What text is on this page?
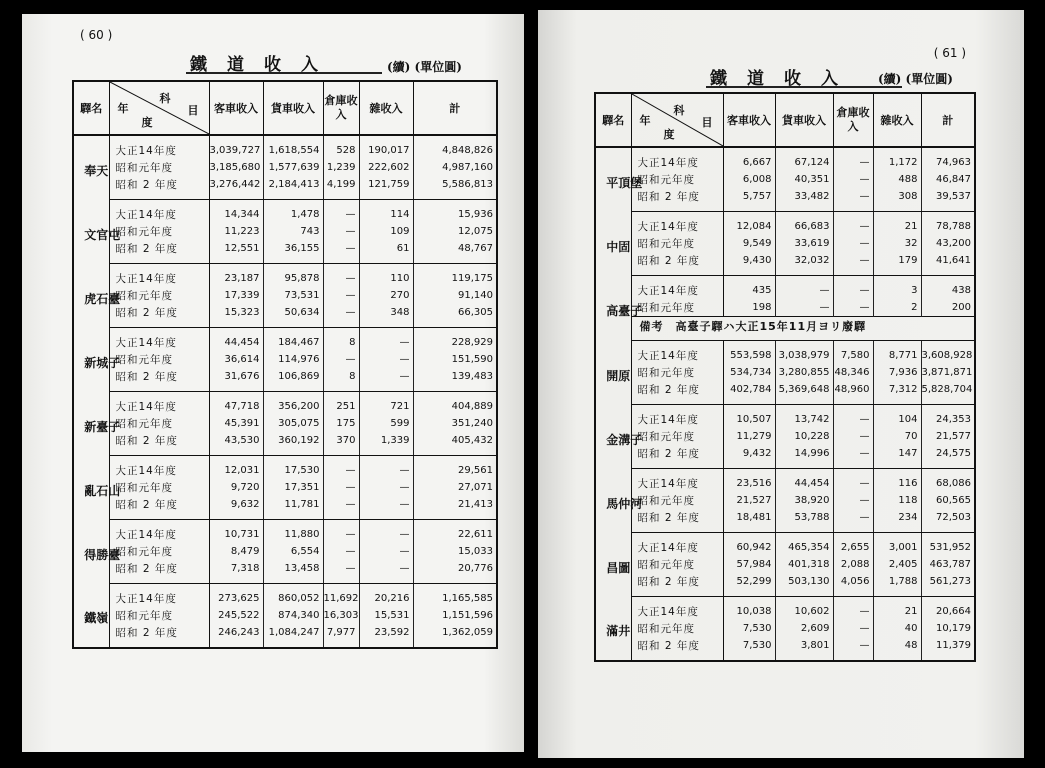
( 60 )
鐵道收入	(續) (單位圓)
驛名	科
目
年
度	客車收入	貨車收入	倉庫收入	雜收入	計
奉天	大正14年度	3,039,727	1,618,554	528	190,017	4,848,826
	昭和元年度	3,185,680	1,577,639	1,239	222,602	4,987,160
	昭和 2 年度	3,276,442	2,184,413	4,199	121,759	5,586,813
文官屯	大正14年度	14,344	1,478	—	114	15,936
	昭和元年度	11,223	743	—	109	12,075
	昭和 2 年度	12,551	36,155	—	61	48,767
虎石臺	大正14年度	23,187	95,878	—	110	119,175
	昭和元年度	17,339	73,531	—	270	91,140
	昭和 2 年度	15,323	50,634	—	348	66,305
新城子	大正14年度	44,454	184,467	8	—	228,929
	昭和元年度	36,614	114,976	—	—	151,590
	昭和 2 年度	31,676	106,869	8	—	139,483
新臺子	大正14年度	47,718	356,200	251	721	404,889
	昭和元年度	45,391	305,075	175	599	351,240
	昭和 2 年度	43,530	360,192	370	1,339	405,432
亂石山	大正14年度	12,031	17,530	—	—	29,561
	昭和元年度	9,720	17,351	—	—	27,071
	昭和 2 年度	9,632	11,781	—	—	21,413
得勝臺	大正14年度	10,731	11,880	—	—	22,611
	昭和元年度	8,479	6,554	—	—	15,033
	昭和 2 年度	7,318	13,458	—	—	20,776
鐵嶺	大正14年度	273,625	860,052	11,692	20,216	1,165,585
	昭和元年度	245,522	874,340	16,303	15,531	1,151,596
	昭和 2 年度	246,243	1,084,247	7,977	23,592	1,362,059
( 61 )
鐵道收入 (續) (單位圓)
驛名	科
目
年
度	客車收入	貨車收入	倉庫收入	雜收入	計
平頂堡	大正14年度	6,667	67,124	—	1,172	74,963
	昭和元年度	6,008	40,351	—	488	46,847
	昭和 2 年度	5,757	33,482	—	308	39,537
中固	大正14年度	12,084	66,683	—	21	78,788
	昭和元年度	9,549	33,619	—	32	43,200
	昭和 2 年度	9,430	32,032	—	179	41,641
高臺子	大正14年度	435	—	—	3	438
	昭和元年度	198	—	—	2	200
	備考　高臺子驛ハ大正15年11月ヨリ廢驛					
開原	大正14年度	553,598	3,038,979	7,580	8,771	3,608,928
	昭和元年度	534,734	3,280,855	48,346	7,936	3,871,871
	昭和 2 年度	402,784	5,369,648	48,960	7,312	5,828,704
金溝子	大正14年度	10,507	13,742	—	104	24,353
	昭和元年度	11,279	10,228	—	70	21,577
	昭和 2 年度	9,432	14,996	—	147	24,575
馬仲河	大正14年度	23,516	44,454	—	116	68,086
	昭和元年度	21,527	38,920	—	118	60,565
	昭和 2 年度	18,481	53,788	—	234	72,503
昌圖	大正14年度	60,942	465,354	2,655	3,001	531,952
	昭和元年度	57,984	401,318	2,088	2,405	463,787
	昭和 2 年度	52,299	503,130	4,056	1,788	561,273
滿井	大正14年度	10,038	10,602	—	21	20,664
	昭和元年度	7,530	2,609	—	40	10,179
	昭和 2 年度	7,530	3,801	—	48	11,379
